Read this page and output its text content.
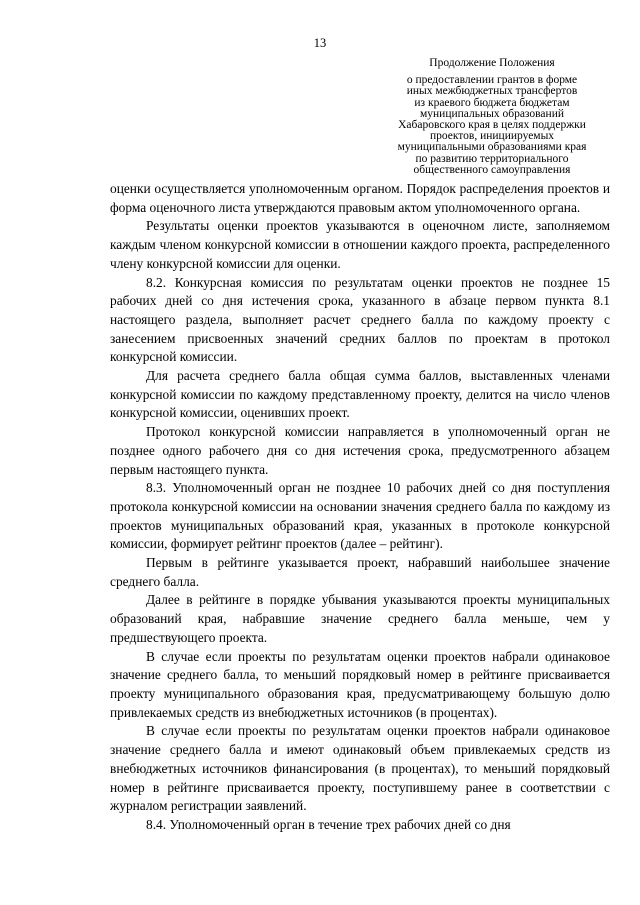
13
Продолжение Положения
о предоставлении грантов в форме
иных межбюджетных трансфертов
из краевого бюджета бюджетам
муниципальных образований
Хабаровского края в целях поддержки
проектов, инициируемых
муниципальными образованиями края
по развитию территориального
общественного самоуправления

оценки осуществляется уполномоченным органом. Порядок распределения проектов и форма оценочного листа утверждаются правовым актом уполномоченного органа.

Результаты оценки проектов указываются в оценочном листе, заполняемом каждым членом конкурсной комиссии в отношении каждого проекта, распределенного члену конкурсной комиссии для оценки.

8.2. Конкурсная комиссия по результатам оценки проектов не позднее 15 рабочих дней со дня истечения срока, указанного в абзаце первом пункта 8.1 настоящего раздела, выполняет расчет среднего балла по каждому проекту с занесением присвоенных значений средних баллов по проектам в протокол конкурсной комиссии.

Для расчета среднего балла общая сумма баллов, выставленных членами конкурсной комиссии по каждому представленному проекту, делится на число членов конкурсной комиссии, оценивших проект.

Протокол конкурсной комиссии направляется в уполномоченный орган не позднее одного рабочего дня со дня истечения срока, предусмотренного абзацем первым настоящего пункта.

8.3. Уполномоченный орган не позднее 10 рабочих дней со дня поступления протокола конкурсной комиссии на основании значения среднего балла по каждому из проектов муниципальных образований края, указанных в протоколе конкурсной комиссии, формирует рейтинг проектов (далее – рейтинг).

Первым в рейтинге указывается проект, набравший наибольшее значение среднего балла.

Далее в рейтинге в порядке убывания указываются проекты муниципальных образований края, набравшие значение среднего балла меньше, чем у предшествующего проекта.

В случае если проекты по результатам оценки проектов набрали одинаковое значение среднего балла, то меньший порядковый номер в рейтинге присваивается проекту муниципального образования края, предусматривающему большую долю привлекаемых средств из внебюджетных источников (в процентах).

В случае если проекты по результатам оценки проектов набрали одинаковое значение среднего балла и имеют одинаковый объем привлекаемых средств из внебюджетных источников финансирования (в процентах), то меньший порядковый номер в рейтинге присваивается проекту, поступившему ранее в соответствии с журналом регистрации заявлений.

8.4. Уполномоченный орган в течение трех рабочих дней со дня
